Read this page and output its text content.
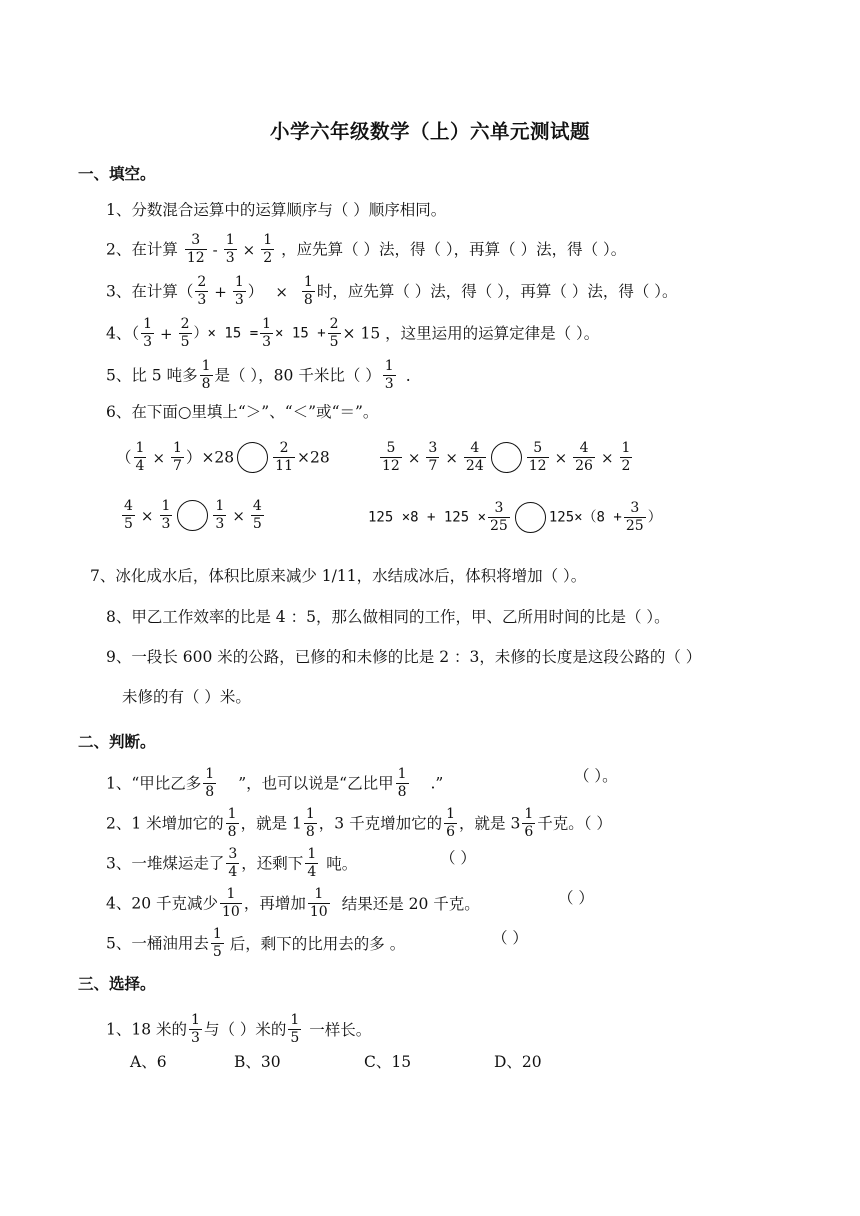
小学六年级数学（上）六单元测试题
一、填空。
1、分数混合运算中的运算顺序与（ ）顺序相同。
2、在计算 $\frac{3}{12} - \frac{1}{3} \times \frac{1}{2}$ ，应先算（ ）法，得（ ），再算（ ）法，得（ ）。
3、在计算（ $\frac{2}{3} + \frac{1}{3}$ ） × $\frac{1}{8}$ 时，应先算（ ）法，得（ ），再算（ ）法，得（ ）。
4、（ $\frac{1}{3} + \frac{2}{5}$ ）× $15 = \frac{1}{3} \times 15 + \frac{2}{5} \times 15$ ，这里运用的运算定律是（ ）。
5、比 5 吨多 $\frac{1}{8}$ 是（ ），80 千米比（ ） $\frac{1}{3}$ .
6、在下面○里填上“＞”、“＜”或“＝”。
（ $\frac{1}{4} \times \frac{1}{7} )\times 28$	$\frac{2}{11} \times 28$	$\frac{5}{12} \times \frac{3}{7} \times \frac{4}{24}$	$\frac{5}{12} \times \frac{4}{26} \times \frac{1}{2}$
$\frac{4}{5} \times \frac{1}{3}$	$\frac{1}{3} \times \frac{4}{5}$	$125 \times 8 + 125 \times \frac{3}{25}$	$125\times(8 + \frac{3}{25}$ ）
7、冰化成水后，体积比原来减少 1/11，水结成冰后，体积将增加（ ）。
8、甲乙工作效率的比是 4 ：5，那么做相同的工作，甲、乙所用时间的比是（ ）。
9、一段长 600 米的公路，已修的和未修的比是 2 ：3，未修的长度是这段公路的（ ）
未修的有（ ）米。
二、判断。
1、“甲比乙多 $\frac{1}{8}$ ”，也可以说是“乙比甲 $\frac{1}{8}$ .”	（ ）。
2、1 米增加它的 $\frac{1}{8}$ ，就是 $1 \frac{1}{8}$ ，3 千克增加它的 $\frac{1}{6}$ ，就是 $3 \frac{1}{6}$ 千克。（ ）
3、一堆煤运走了 $\frac{3}{4}$ ，还剩下 $\frac{1}{4}$ 吨。	（ ）
4、20 千克减少 $\frac{1}{10}$ ，再增加 $\frac{1}{10}$ 结果还是 20 千克。	（ ）
5、一桶油用去 $\frac{1}{5}$ 后，剩下的比用去的多 。	（ ）
三、选择。
1、18 米的 $\frac{1}{3}$ 与（ ）米的 $\frac{1}{5}$ 一样长。
A、6	B、30	C、15	D、20
